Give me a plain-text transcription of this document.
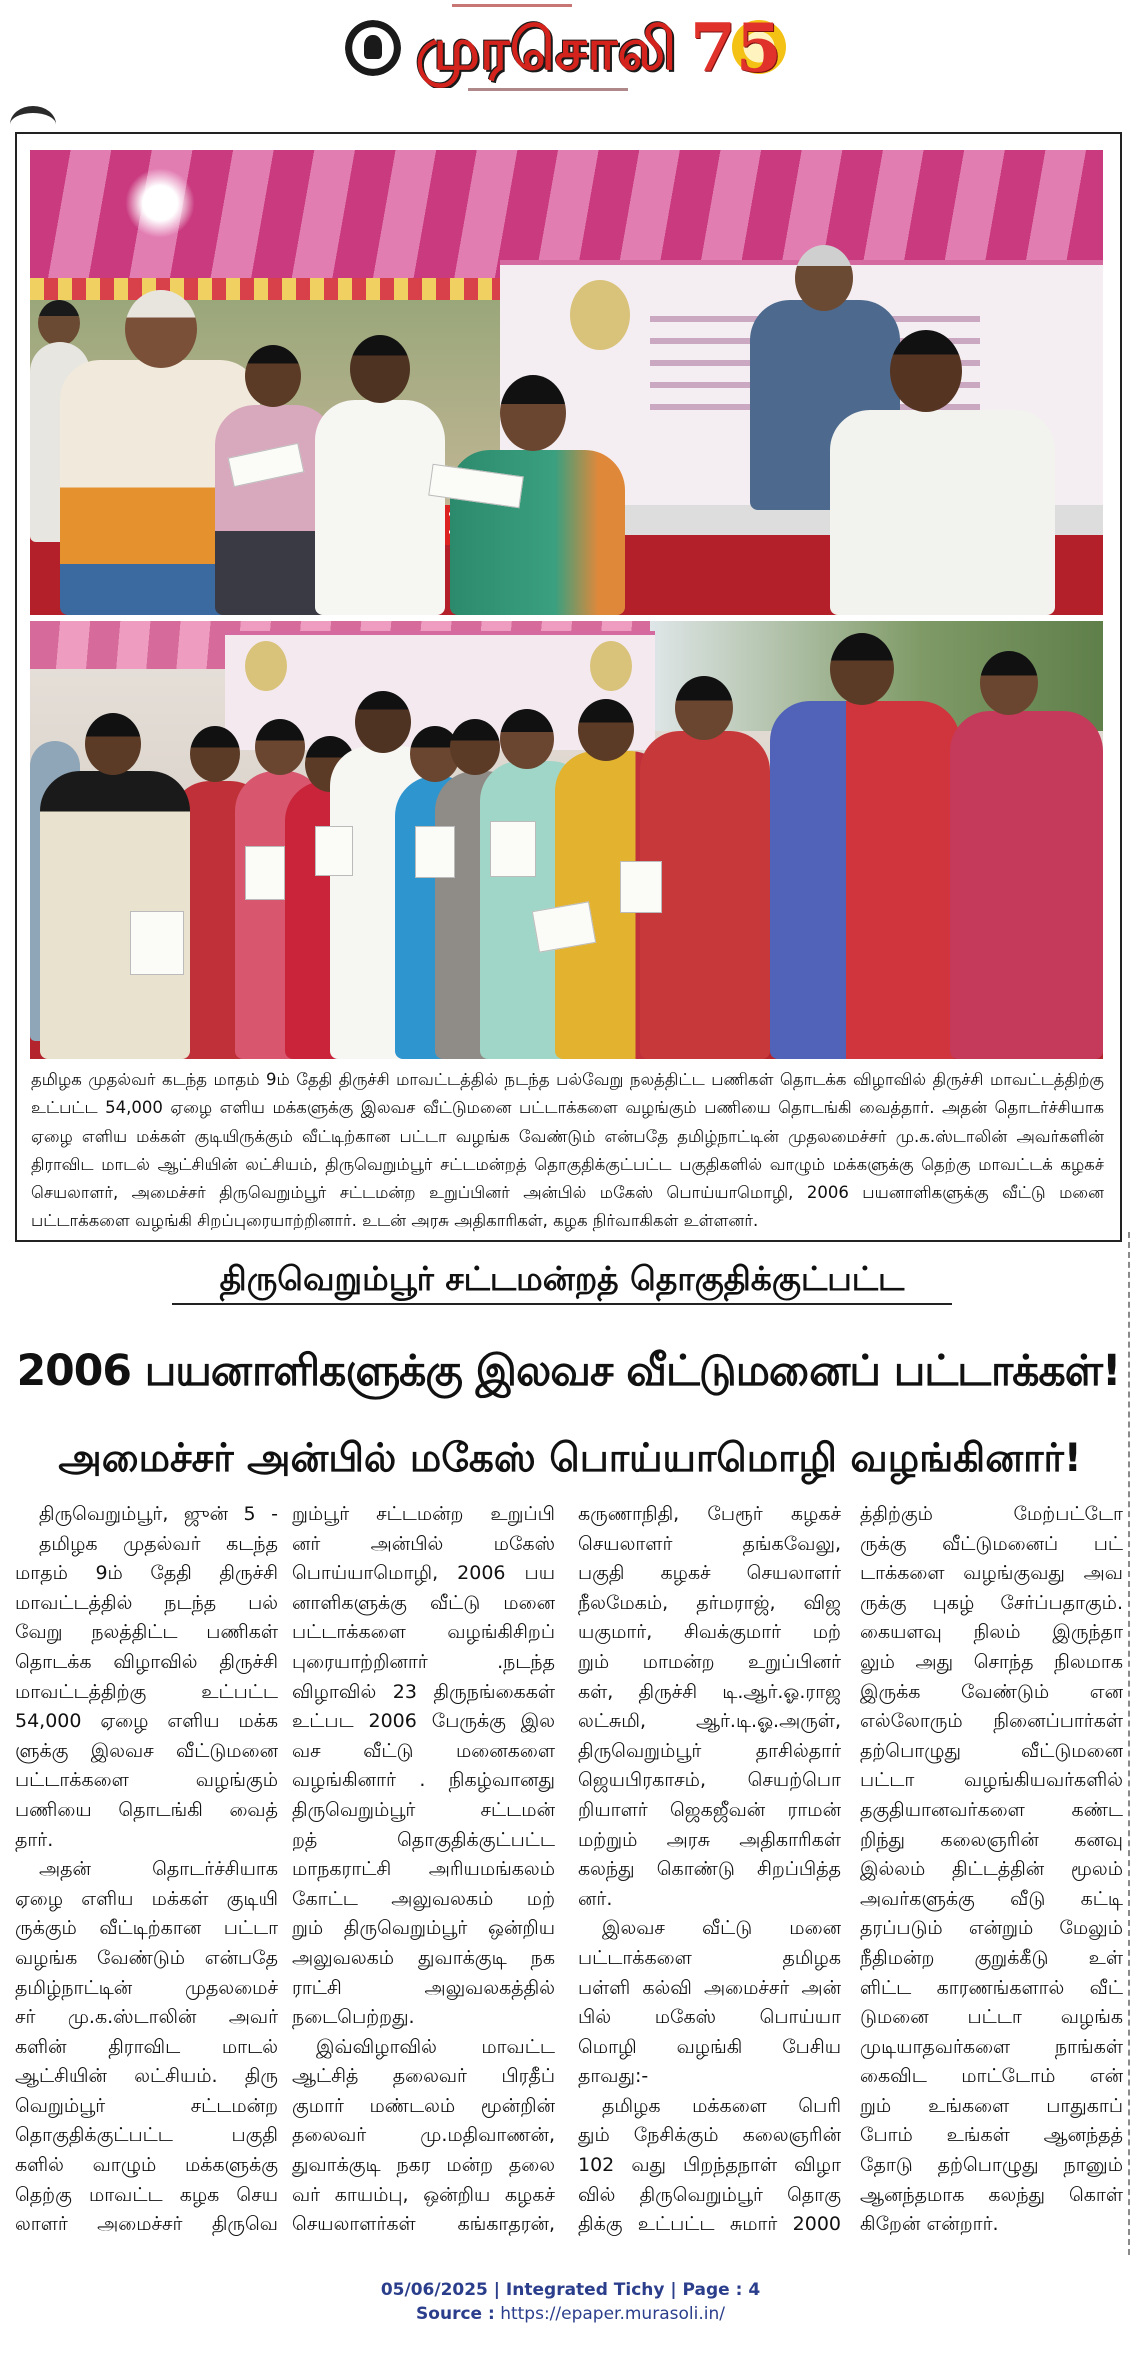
முரசொலி 75
தமிழக முதல்வர் கடந்த மாதம் 9ம் தேதி திருச்சி மாவட்டத்தில் நடந்த பல்வேறு நலத்திட்ட பணிகள் தொடக்க விழாவில் திருச்சி மாவட்டத்திற்கு
உட்பட்ட 54,000 ஏழை எளிய மக்களுக்கு இலவச வீட்டுமனை பட்டாக்களை வழங்கும் பணியை தொடங்கி வைத்தார். அதன் தொடர்ச்சியாக
ஏழை எளிய மக்கள் குடியிருக்கும் வீட்டிற்கான பட்டா வழங்க வேண்டும் என்பதே தமிழ்நாட்டின் முதலமைச்சர் மு.க.ஸ்டாலின் அவர்களின்
திராவிட மாடல் ஆட்சியின் லட்சியம், திருவெறும்பூர் சட்டமன்றத் தொகுதிக்குட்பட்ட பகுதிகளில் வாழும் மக்களுக்கு தெற்கு மாவட்டக் கழகச்
செயலாளர், அமைச்சர் திருவெறும்பூர் சட்டமன்ற உறுப்பினர் அன்பில் மகேஸ் பொய்யாமொழி, 2006 பயனாளிகளுக்கு வீட்டு மனை
பட்டாக்களை வழங்கி சிறப்புரையாற்றினார். உடன் அரசு அதிகாரிகள், கழக நிர்வாகிகள் உள்ளனர்.
திருவெறும்பூர் சட்டமன்றத் தொகுதிக்குட்பட்ட
2006 பயனாளிகளுக்கு இலவச வீட்டுமனைப் பட்டாக்கள்!
அமைச்சர் அன்பில் மகேஸ் பொய்யாமொழி வழங்கினார்!
திருவெறும்பூர், ஜுன் 5 -
தமிழக முதல்வர் கடந்த
மாதம் 9ம் தேதி திருச்சி
மாவட்டத்தில் நடந்த பல்
வேறு நலத்திட்ட பணிகள்
தொடக்க விழாவில் திருச்சி
மாவட்டத்திற்கு உட்பட்ட
54,000 ஏழை எளிய மக்க
ளுக்கு இலவச வீட்டுமனை
பட்டாக்களை வழங்கும்
பணியை தொடங்கி வைத்
தார்.
அதன் தொடர்ச்சியாக
ஏழை எளிய மக்கள் குடியி
ருக்கும் வீட்டிற்கான பட்டா
வழங்க வேண்டும் என்பதே
தமிழ்நாட்டின் முதலமைச்
சர் மு.க.ஸ்டாலின் அவர்
களின் திராவிட மாடல்
ஆட்சியின் லட்சியம். திரு
வெறும்பூர் சட்டமன்ற
தொகுதிக்குட்பட்ட பகுதி
களில் வாழும் மக்களுக்கு
தெற்கு மாவட்ட கழக செய
லாளர் அமைச்சர் திருவெ
றும்பூர் சட்டமன்ற உறுப்பி
னர் அன்பில் மகேஸ்
பொய்யாமொழி, 2006 பய
னாளிகளுக்கு வீட்டு மனை
பட்டாக்களை வழங்கிசிறப்
புரையாற்றினார் .நடந்த
விழாவில் 23 திருநங்கைகள்
உட்பட 2006 பேருக்கு இல
வச வீட்டு மனைகளை
வழங்கினார் . நிகழ்வானது
திருவெறும்பூர் சட்டமன்
றத் தொகுதிக்குட்பட்ட
மாநகராட்சி அரியமங்கலம்
கோட்ட அலுவலகம் மற்
றும் திருவெறும்பூர் ஒன்றிய
அலுவலகம் துவாக்குடி நக
ராட்சி அலுவலகத்தில்
நடைபெற்றது.
இவ்விழாவில் மாவட்ட
ஆட்சித் தலைவர் பிரதீப்
குமார் மண்டலம் மூன்றின்
தலைவர் மு.மதிவாணன்,
துவாக்குடி நகர மன்ற தலை
வர் காயம்பு, ஒன்றிய கழகச்
செயலாளர்கள் கங்காதரன்,
கருணாநிதி, பேரூர் கழகச்
செயலாளர் தங்கவேலு,
பகுதி கழகச் செயலாளர்
நீலமேகம், தர்மராஜ், விஜ
யகுமார், சிவக்குமார் மற்
றும் மாமன்ற உறுப்பினர்
கள், திருச்சி டி.ஆர்.ஓ.ராஜ
லட்சுமி, ஆர்.டி.ஓ.அருள்,
திருவெறும்பூர் தாசில்தார்
ஜெயபிரகாசம், செயற்பொ
றியாளர் ஜெகஜீவன் ராமன்
மற்றும் அரசு அதிகாரிகள்
கலந்து கொண்டு சிறப்பித்த
னர்.
இலவச வீட்டு மனை
பட்டாக்களை தமிழக
பள்ளி கல்வி அமைச்சர் அன்
பில் மகேஸ் பொய்யா
மொழி வழங்கி பேசிய
தாவது:-
தமிழக மக்களை பெரி
தும் நேசிக்கும் கலைஞரின்
102 வது பிறந்தநாள் விழா
வில் திருவெறும்பூர் தொகு
திக்கு உட்பட்ட சுமார் 2000
த்திற்கும் மேற்பட்டோ
ருக்கு வீட்டுமனைப் பட்
டாக்களை வழங்குவது அவ
ருக்கு புகழ் சேர்ப்பதாகும்.
கையளவு நிலம் இருந்தா
லும் அது சொந்த நிலமாக
இருக்க வேண்டும் என
எல்லோரும் நினைப்பார்கள்
தற்பொழுது வீட்டுமனை
பட்டா வழங்கியவர்களில்
தகுதியானவர்களை கண்ட
றிந்து கலைஞரின் கனவு
இல்லம் திட்டத்தின் மூலம்
அவர்களுக்கு வீடு கட்டி
தரப்படும் என்றும் மேலும்
நீதிமன்ற குறுக்கீடு உள்
ளிட்ட காரணங்களால் வீட்
டுமனை பட்டா வழங்க
முடியாதவர்களை நாங்கள்
கைவிட மாட்டோம் என்
றும் உங்களை பாதுகாப்
போம் உங்கள் ஆனந்தத்
தோடு தற்பொழுது நானும்
ஆனந்தமாக கலந்து கொள்
கிறேன் என்றார்.
05/06/2025 | Integrated Tichy | Page : 4
Source : https://epaper.murasoli.in/
